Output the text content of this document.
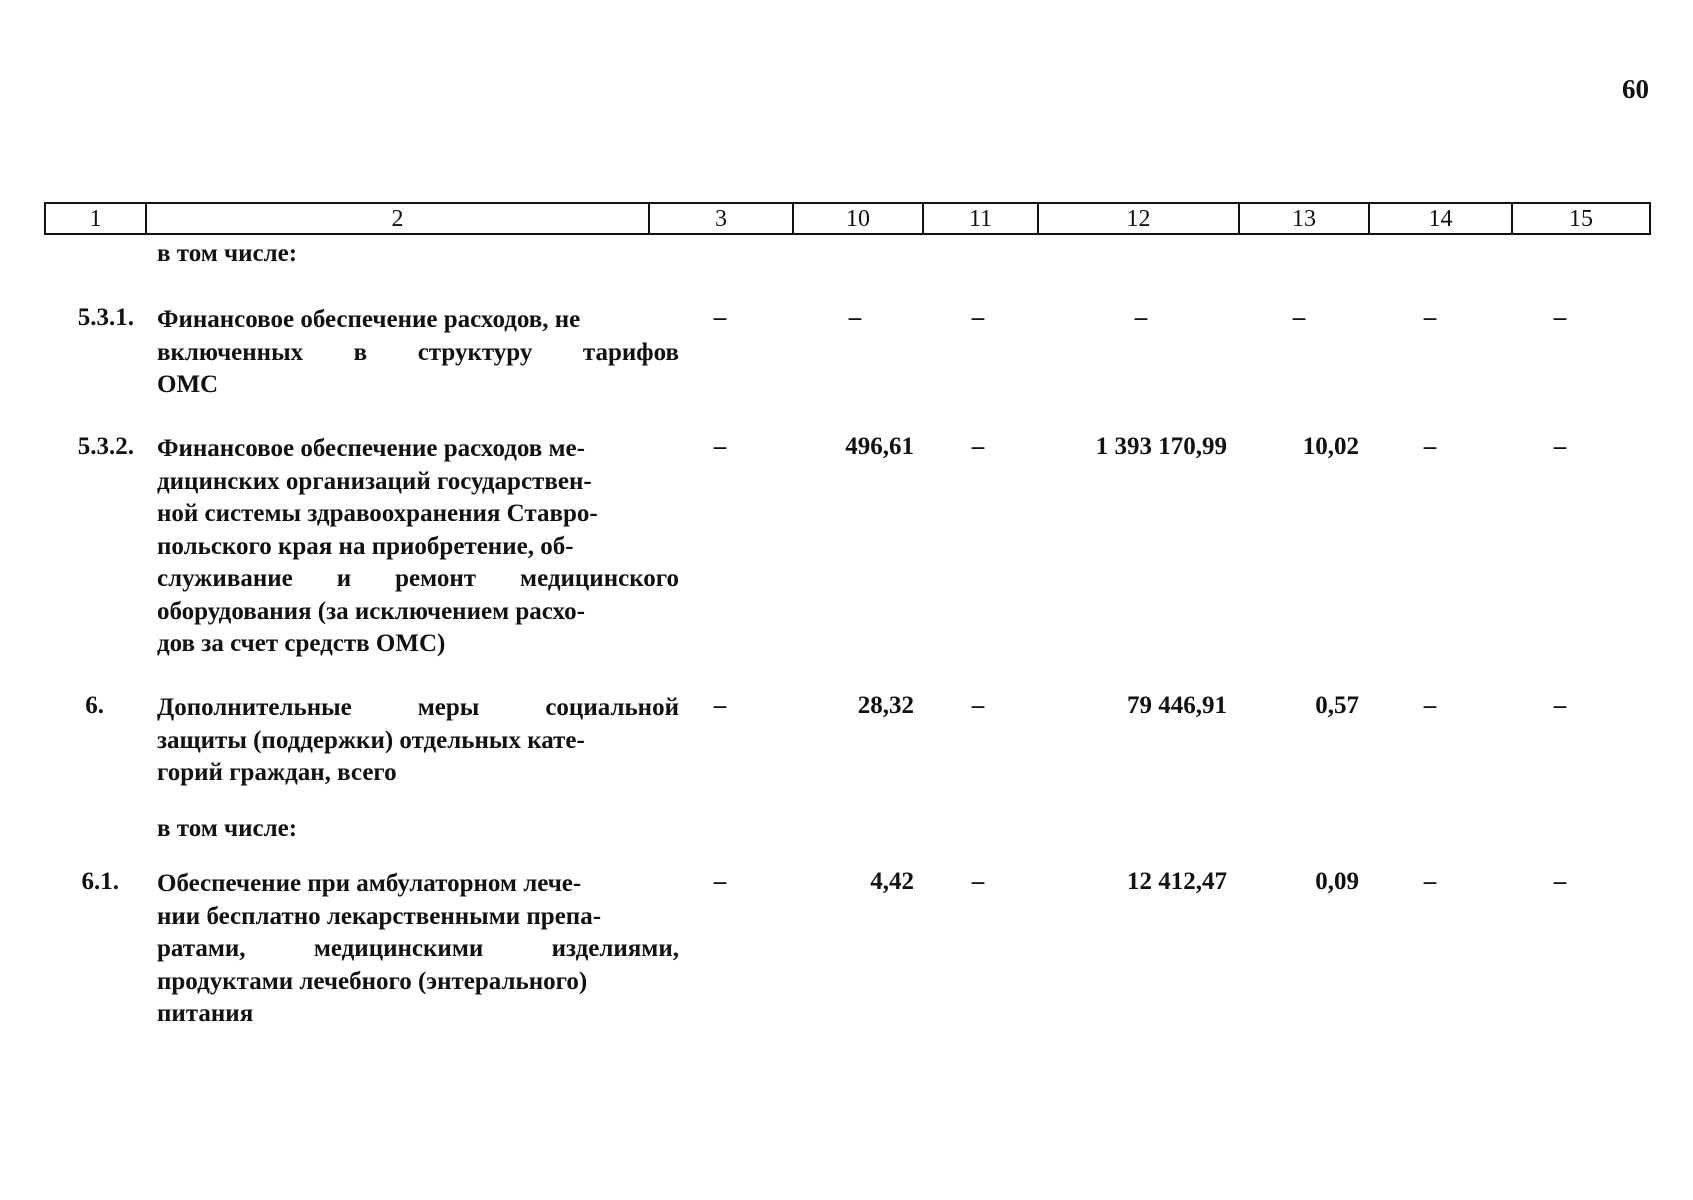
60
1	2	3	10	11	12	13	14	15
в том числе:
5.3.1. Финансовое обеспечение расходов, не
включенных в структуру тарифов
ОМС
–	–	–	–	–	–	–
5.3.2. Финансовое обеспечение расходов ме-
дицинских организаций государствен-
ной системы здравоохранения Ставро-
польского края на приобретение, об-
служивание и ремонт медицинского
оборудования (за исключением расхо-
дов за счет средств ОМС)
–	496,61 –	1 393 170,99	10,02	–	–
6. Дополнительные меры социальной
защиты (поддержки) отдельных кате-
горий граждан, всего
–	28,32 –	79 446,91	0,57	–	–
в том числе:
6.1. Обеспечение при амбулаторном лече-
нии бесплатно лекарственными препа-
ратами, медицинскими изделиями,
продуктами лечебного (энтерального)
питания
–	4,42 –	12 412,47	0,09	–	–
